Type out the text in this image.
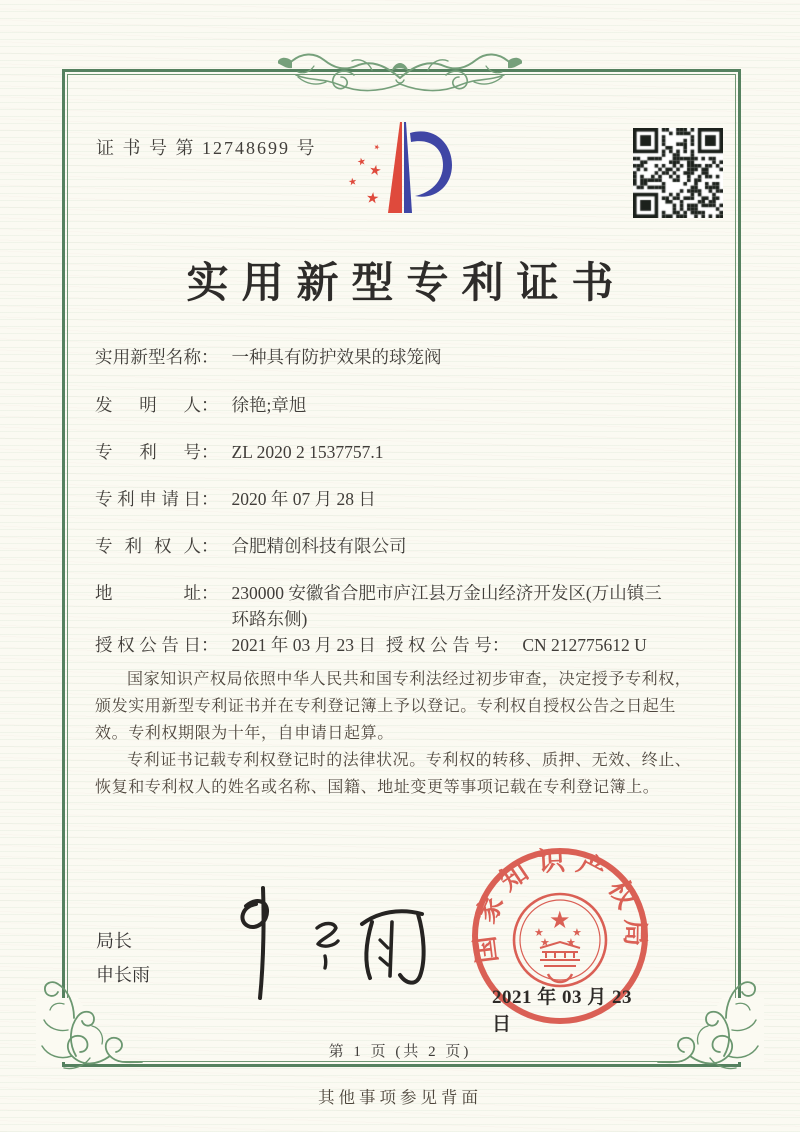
证 书 号 第 12748699 号	★
★ ★
★
★
实用新型专利证书
实用新型名称： 一种具有防护效果的球笼阀
发明人： 徐艳;章旭
专利号： ZL 2020 2 1537757.1
专利申请日： 2020 年 07 月 28 日
专利权人： 合肥精创科技有限公司
地址： 230000 安徽省合肥市庐江县万金山经济开发区(万山镇三环路东侧)
授权公告日： 2021 年 03 月 23 日 授权公告号： CN 212775612 U

国家知识产权局依照中华人民共和国专利法经过初步审查，决定授予专利权，颁发实用新型专利证书并在专利登记簿上予以登记。专利权自授权公告之日起生效。专利权期限为十年，自申请日起算。

专利证书记载专利权登记时的法律状况。专利权的转移、质押、无效、终止、恢复和专利权人的姓名或名称、国籍、地址变更等事项记载在专利登记簿上。

局长
申长雨
国家知识产权局
★
★	★
★ ★
2021 年 03 月 23 日
第 1 页 (共 2 页)
其他事项参见背面
